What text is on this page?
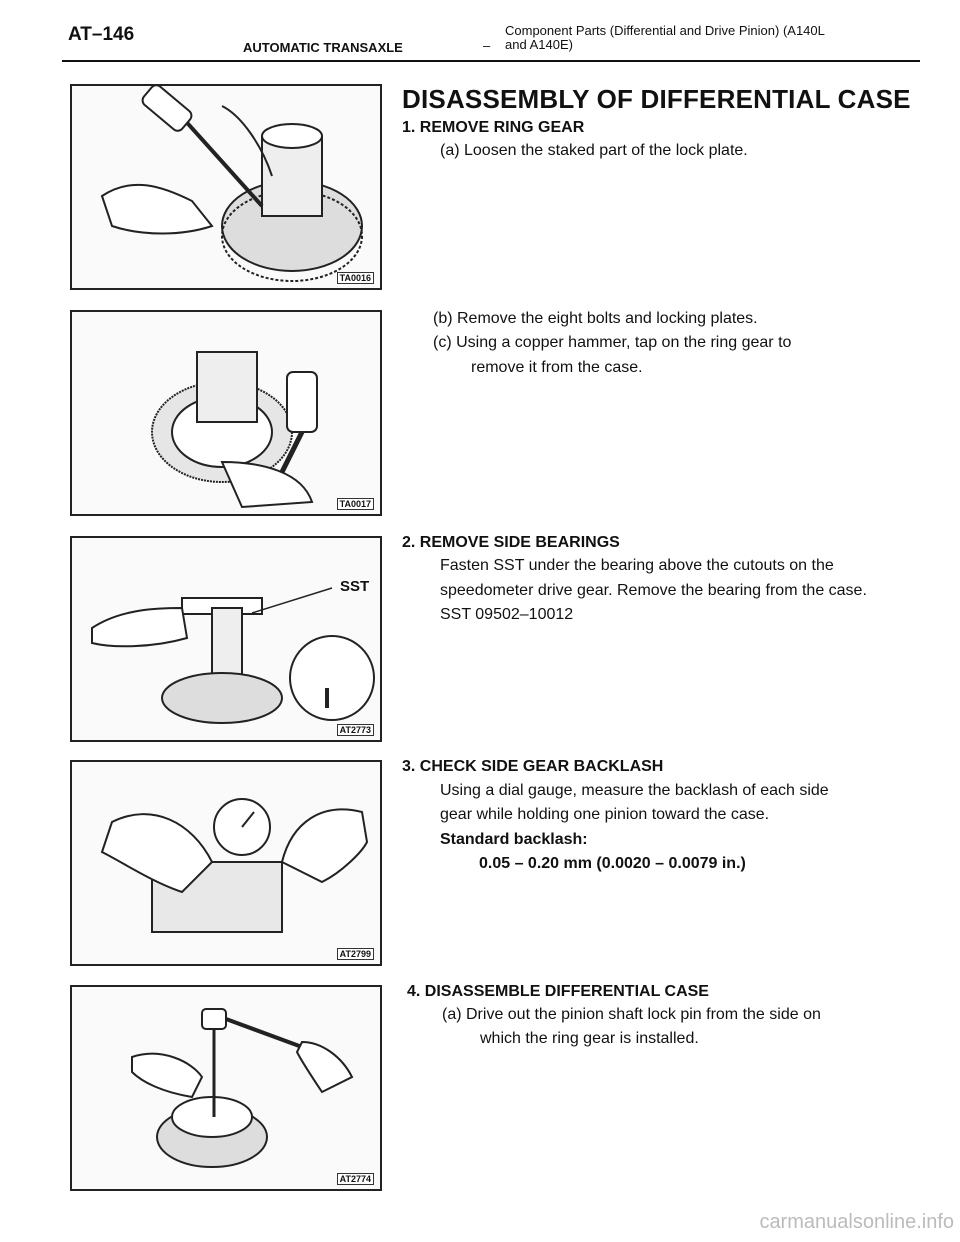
AT–146
AUTOMATIC TRANSAXLE	–
Component Parts (Differential and Drive Pinion) (A140L and A140E)
TA0016
DISASSEMBLY OF DIFFERENTIAL CASE
1. REMOVE RING GEAR
(a) Loosen the staked part of the lock plate.
TA0017
(b) Remove the eight bolts and locking plates.
(c) Using a copper hammer, tap on the ring gear to
remove it from the case.
SST
AT2773
2. REMOVE SIDE BEARINGS
Fasten SST under the bearing above the cutouts on the
speedometer drive gear. Remove the bearing from the case.
SST 09502–10012
AT2799
3. CHECK SIDE GEAR BACKLASH
Using a dial gauge, measure the backlash of each side
gear while holding one pinion toward the case.
Standard backlash:
0.05 – 0.20 mm (0.0020 – 0.0079 in.)
AT2774
4. DISASSEMBLE DIFFERENTIAL CASE
(a) Drive out the pinion shaft lock pin from the side on
which the ring gear is installed.
carmanualsonline.info
